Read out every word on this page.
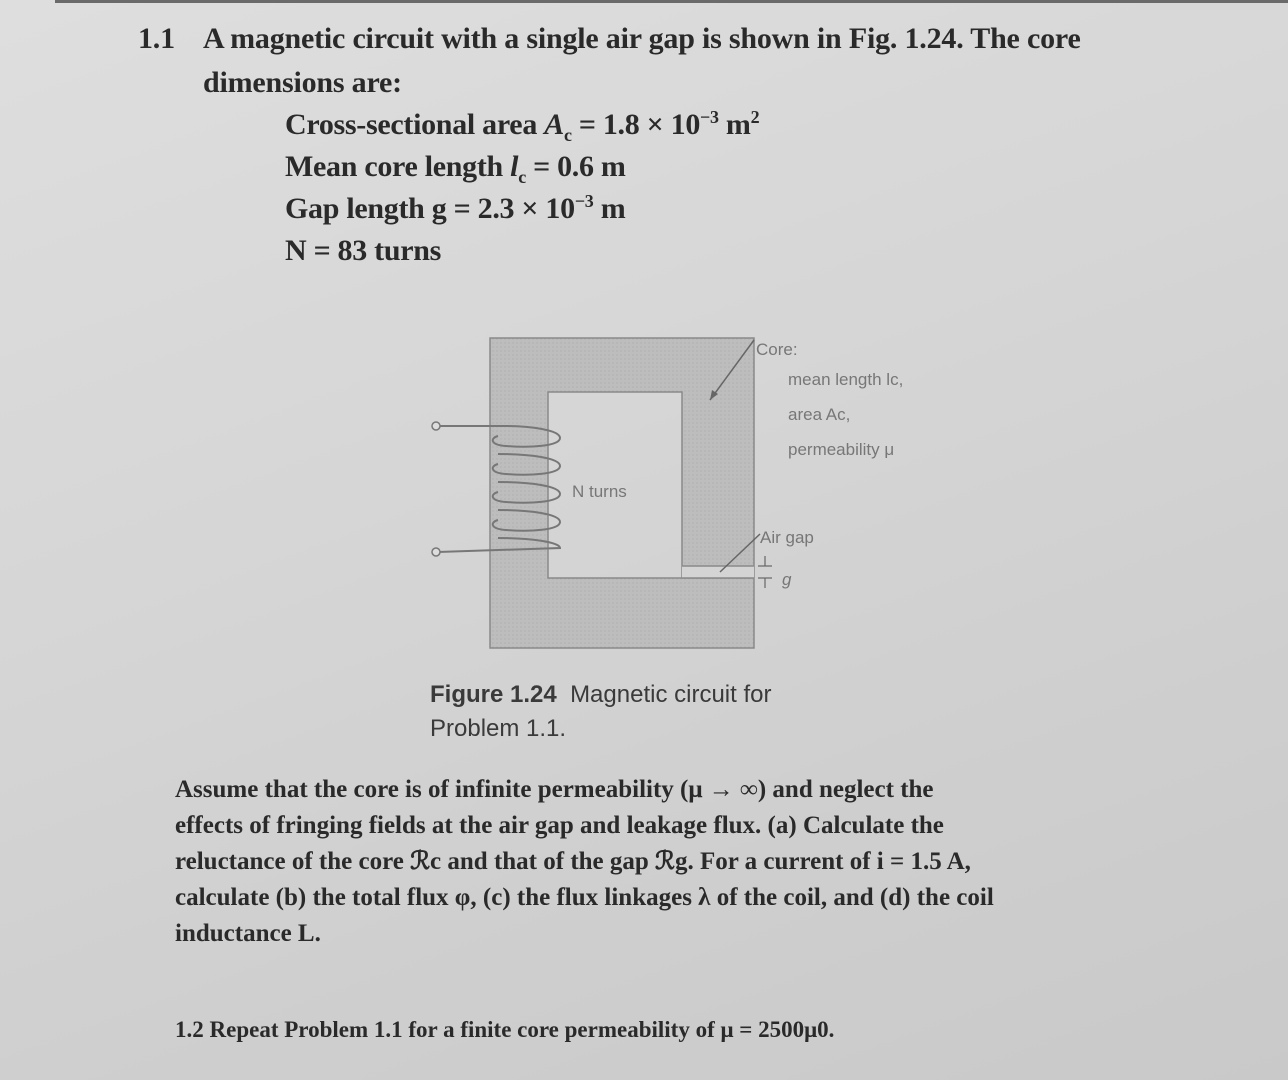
1.1 A magnetic circuit with a single air gap is shown in Fig. 1.24. The core
dimensions are:
Cross-sectional area $A_c = 1.8 \times 10^{-3}$ $m^2$
Mean core length $l_c = 0.6$ m
Gap length $g = 2.3 \times 10^{-3}$ m
N = 83 turns
Core:
mean length lc,
area Ac,
permeability μ
N turns
Air gap
g
Figure 1.24 Magnetic circuit for
Problem 1.1.
Assume that the core is of infinite permeability (μ → ∞) and neglect the
effects of fringing fields at the air gap and leakage flux. (a) Calculate the
reluctance of the core ℛc and that of the gap ℛg. For a current of i = 1.5 A,
calculate (b) the total flux φ, (c) the flux linkages λ of the coil, and (d) the coil
inductance L.
1.2 Repeat Problem 1.1 for a finite core permeability of μ = 2500μ0.
